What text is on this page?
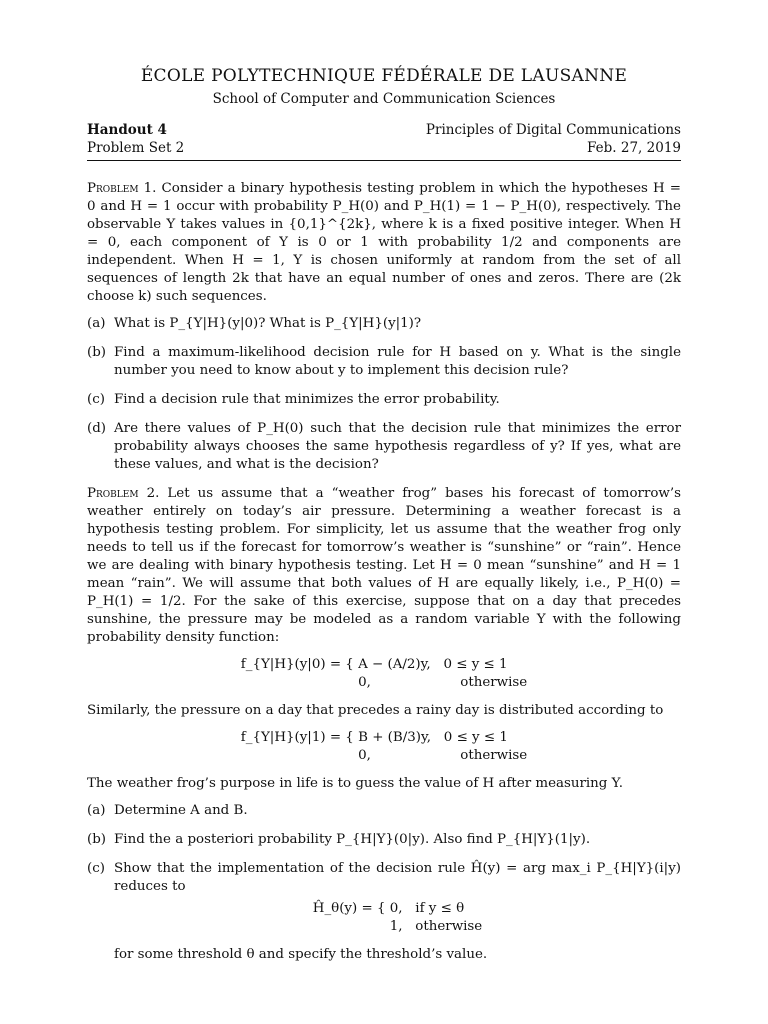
ÉCOLE POLYTECHNIQUE FÉDÉRALE DE LAUSANNE
School of Computer and Communication Sciences
Handout 4	Principles of Digital Communications
Problem Set 2	Feb. 27, 2019

Problem 1. Consider a binary hypothesis testing problem in which the hypotheses H = 0 and H = 1 occur with probability P_H(0) and P_H(1) = 1 − P_H(0), respectively. The observable Y takes values in {0,1}^{2k}, where k is a fixed positive integer. When H = 0, each component of Y is 0 or 1 with probability 1/2 and components are independent. When H = 1, Y is chosen uniformly at random from the set of all sequences of length 2k that have an equal number of ones and zeros. There are (2k choose k) such sequences.

(a) What is P_{Y|H}(y|0)? What is P_{Y|H}(y|1)?
(b) Find a maximum-likelihood decision rule for H based on y. What is the single number you need to know about y to implement this decision rule?
(c) Find a decision rule that minimizes the error probability.
(d) Are there values of P_H(0) such that the decision rule that minimizes the error probability always chooses the same hypothesis regardless of y? If yes, what are these values, and what is the decision?

Problem 2. Let us assume that a “weather frog” bases his forecast of tomorrow’s weather entirely on today’s air pressure. Determining a weather forecast is a hypothesis testing problem. For simplicity, let us assume that the weather frog only needs to tell us if the forecast for tomorrow’s weather is “sunshine” or “rain”. Hence we are dealing with binary hypothesis testing. Let H = 0 mean “sunshine” and H = 1 mean “rain”. We will assume that both values of H are equally likely, i.e., P_H(0) = P_H(1) = 1/2. For the sake of this exercise, suppose that on a day that precedes sunshine, the pressure may be modeled as a random variable Y with the following probability density function:

f_{Y|H}(y|0) = { A − (A/2)y,   0 ≤ y ≤ 1
0,                     otherwise

Similarly, the pressure on a day that precedes a rainy day is distributed according to

f_{Y|H}(y|1) = { B + (B/3)y,   0 ≤ y ≤ 1
0,                     otherwise

The weather frog’s purpose in life is to guess the value of H after measuring Y.

(a) Determine A and B.
(b) Find the a posteriori probability P_{H|Y}(0|y). Also find P_{H|Y}(1|y).
(c) Show that the implementation of the decision rule Ĥ(y) = arg max_i P_{H|Y}(i|y) reduces to
Ĥ_θ(y) = { 0,   if y ≤ θ
1,   otherwise
for some threshold θ and specify the threshold’s value.
